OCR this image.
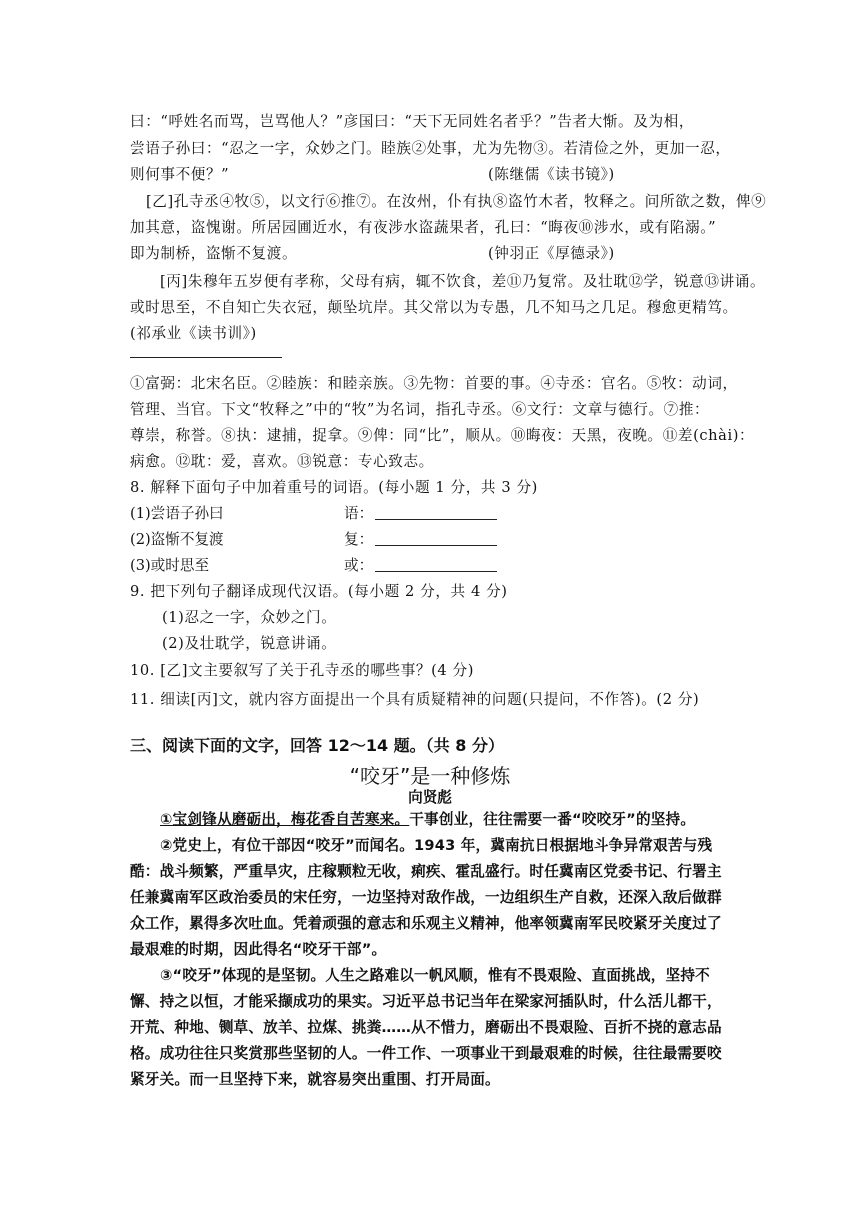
曰：“呼姓名而骂，岂骂他人？”彦国曰：“天下无同姓名者乎？”告者大惭。及为相，
尝语子孙曰：“忍之一字，众妙之门。睦族②处事，尤为先物③。若清俭之外，更加一忍，
则何事不便？”	(陈继儒《读书镜》)
[乙]孔寺丞④牧⑤，以文行⑥推⑦。在汝州，仆有执⑧盗竹木者，牧释之。问所欲之数，俾⑨
加其意，盗愧谢。所居园圃近水，有夜涉水盗蔬果者，孔曰：“晦夜⑩涉水，或有陷溺。”
即为制桥，盗惭不复渡。	(钟羽正《厚德录》)
[丙]朱穆年五岁便有孝称，父母有病，辄不饮食，差⑪乃复常。及壮耽⑫学，锐意⑬讲诵。
或时思至，不自知亡失衣冠，颠坠坑岸。其父常以为专愚，几不知马之几足。穆愈更精笃。
(祁承业《读书训》)
①富弼：北宋名臣。②睦族：和睦亲族。③先物：首要的事。④寺丞：官名。⑤牧：动词，
管理、当官。下文“牧释之”中的“牧”为名词，指孔寺丞。⑥文行：文章与德行。⑦推：
尊崇，称誉。⑧执：逮捕，捉拿。⑨俾：同“比”，顺从。⑩晦夜：天黑，夜晚。⑪差(chài)：
病愈。⑫耽：爱，喜欢。⑬锐意：专心致志。
8. 解释下面句子中加着重号的词语。(每小题 1 分，共 3 分)
(1)尝语子孙曰	语：
(2)盗惭不复渡	复：
(3)或时思至	或：
9. 把下列句子翻译成现代汉语。(每小题 2 分，共 4 分)
(1)忍之一字，众妙之门。
(2)及壮耽学，锐意讲诵。
10. [乙]文主要叙写了关于孔寺丞的哪些事？(4 分)
11. 细读[丙]文，就内容方面提出一个具有质疑精神的问题(只提问，不作答)。(2 分)
三、阅读下面的文字，回答 12～14 题。（共 8 分）
“咬牙”是一种修炼
向贤彪
①宝剑锋从磨砺出，梅花香自苦寒来。干事创业，往往需要一番“咬咬牙”的坚持。
②党史上，有位干部因“咬牙”而闻名。1943 年，冀南抗日根据地斗争异常艰苦与残
酷：战斗频繁，严重旱灾，庄稼颗粒无收，痢疾、霍乱盛行。时任冀南区党委书记、行署主
任兼冀南军区政治委员的宋任穷，一边坚持对敌作战，一边组织生产自救，还深入敌后做群
众工作，累得多次吐血。凭着顽强的意志和乐观主义精神，他率领冀南军民咬紧牙关度过了
最艰难的时期，因此得名“咬牙干部”。
③“咬牙”体现的是坚韧。人生之路难以一帆风顺，惟有不畏艰险、直面挑战，坚持不
懈、持之以恒，才能采撷成功的果实。习近平总书记当年在梁家河插队时，什么活儿都干，
开荒、种地、铡草、放羊、拉煤、挑粪……从不惜力，磨砺出不畏艰险、百折不挠的意志品
格。成功往往只奖赏那些坚韧的人。一件工作、一项事业干到最艰难的时候，往往最需要咬
紧牙关。而一旦坚持下来，就容易突出重围、打开局面。
